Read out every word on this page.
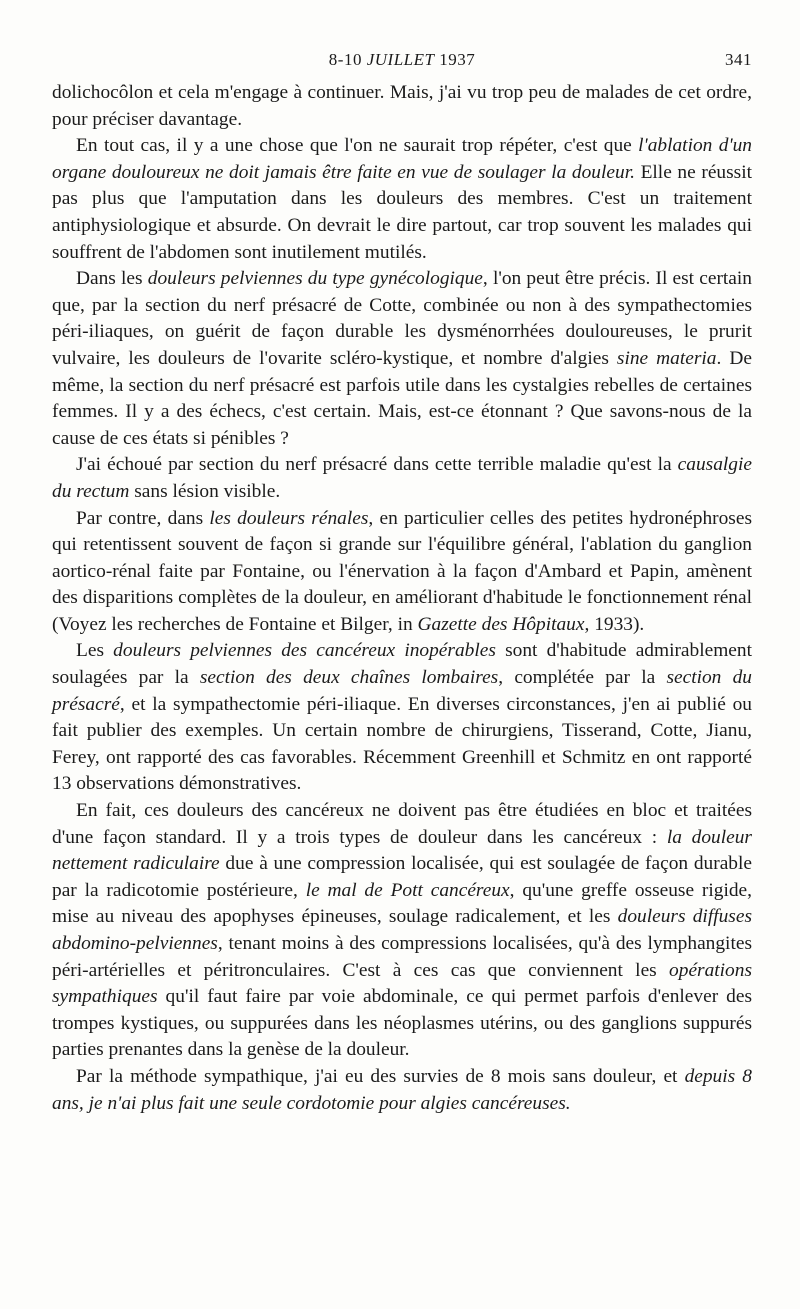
8-10 JUILLET 1937	341

dolichocôlon et cela m'engage à continuer. Mais, j'ai vu trop peu de malades de cet ordre, pour préciser davantage.

En tout cas, il y a une chose que l'on ne saurait trop répéter, c'est que l'ablation d'un organe douloureux ne doit jamais être faite en vue de soulager la douleur. Elle ne réussit pas plus que l'amputation dans les douleurs des membres. C'est un traitement antiphysiologique et absurde. On devrait le dire partout, car trop souvent les malades qui souffrent de l'abdomen sont inutilement mutilés.

Dans les douleurs pelviennes du type gynécologique, l'on peut être précis. Il est certain que, par la section du nerf présacré de Cotte, combinée ou non à des sympathectomies péri-iliaques, on guérit de façon durable les dysménorrhées douloureuses, le prurit vulvaire, les douleurs de l'ovarite scléro-kystique, et nombre d'algies sine materia. De même, la section du nerf présacré est parfois utile dans les cystalgies rebelles de certaines femmes. Il y a des échecs, c'est certain. Mais, est-ce étonnant ? Que savons-nous de la cause de ces états si pénibles ?

J'ai échoué par section du nerf présacré dans cette terrible maladie qu'est la causalgie du rectum sans lésion visible.

Par contre, dans les douleurs rénales, en particulier celles des petites hydronéphroses qui retentissent souvent de façon si grande sur l'équilibre général, l'ablation du ganglion aortico-rénal faite par Fontaine, ou l'énervation à la façon d'Ambard et Papin, amènent des disparitions complètes de la douleur, en améliorant d'habitude le fonctionnement rénal (Voyez les recherches de Fontaine et Bilger, in Gazette des Hôpitaux, 1933).

Les douleurs pelviennes des cancéreux inopérables sont d'habitude admirablement soulagées par la section des deux chaînes lombaires, complétée par la section du présacré, et la sympathectomie péri-iliaque. En diverses circonstances, j'en ai publié ou fait publier des exemples. Un certain nombre de chirurgiens, Tisserand, Cotte, Jianu, Ferey, ont rapporté des cas favorables. Récemment Greenhill et Schmitz en ont rapporté 13 observations démonstratives.

En fait, ces douleurs des cancéreux ne doivent pas être étudiées en bloc et traitées d'une façon standard. Il y a trois types de douleur dans les cancéreux : la douleur nettement radiculaire due à une compression localisée, qui est soulagée de façon durable par la radicotomie postérieure, le mal de Pott cancéreux, qu'une greffe osseuse rigide, mise au niveau des apophyses épineuses, soulage radicalement, et les douleurs diffuses abdomino-pelviennes, tenant moins à des compressions localisées, qu'à des lymphangites péri-artérielles et péritronculaires. C'est à ces cas que conviennent les opérations sympathiques qu'il faut faire par voie abdominale, ce qui permet parfois d'enlever des trompes kystiques, ou suppurées dans les néoplasmes utérins, ou des ganglions suppurés parties prenantes dans la genèse de la douleur.

Par la méthode sympathique, j'ai eu des survies de 8 mois sans douleur, et depuis 8 ans, je n'ai plus fait une seule cordotomie pour algies cancéreuses.
